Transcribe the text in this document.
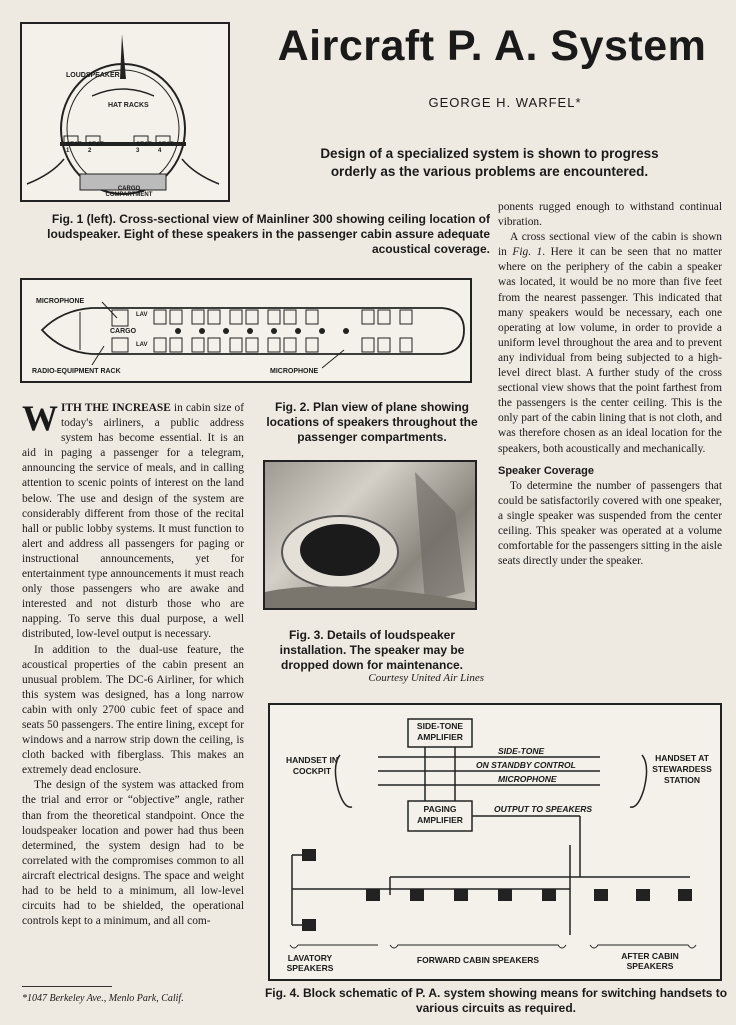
Aircraft P. A. System
GEORGE H. WARFEL*
Design of a specialized system is shown to progress orderly as the various problems are encountered.
LOUDSPEAKER
HAT RACKS
SEAT 1
SEAT 2
SEAT 3
SEAT 4
CARGO COMPARTMENT
Fig. 1 (left). Cross-sectional view of Mainliner 300 showing ceiling location of loudspeaker. Eight of these speakers in the passenger cabin assure adequate acoustical coverage.
MICROPHONE
RADIO-EQUIPMENT RACK	MICROPHONE
CARGO
LAV
LAV
Fig. 2. Plan view of plane showing locations of speakers throughout the passenger compartments.
Fig. 3. Details of loudspeaker installation. The speaker may be dropped down for maintenance.
Courtesy United Air Lines

WITH THE INCREASE in cabin size of today's airliners, a public address system has become essential. It is an aid in paging a passenger for a telegram, announcing the service of meals, and in calling attention to scenic points of interest on the land below. The use and design of the system are considerably different from those of the recital hall or public lobby systems. It must function to alert and address all passengers for paging or instructional announcements, yet for entertainment type announcements it must reach only those passengers who are awake and interested and not disturb those who are napping. To serve this dual purpose, a well distributed, low-level output is necessary.

In addition to the dual-use feature, the acoustical properties of the cabin present an unusual problem. The DC-6 Airliner, for which this system was designed, has a long narrow cabin with only 2700 cubic feet of space and seats 50 passengers. The entire lining, except for windows and a narrow strip down the ceiling, is cloth backed with fiberglass. This makes an extremely dead enclosure.

The design of the system was attacked from the trial and error or “objective” angle, rather than from the theoretical standpoint. Once the loudspeaker location and power had thus been determined, the system design had to be correlated with the compromises common to all aircraft electrical designs. The space and weight had to be held to a minimum, all low-level circuits had to be shielded, the operational controls kept to a minimum, and all com-

*1047 Berkeley Ave., Menlo Park, Calif.

ponents rugged enough to withstand continual vibration.

A cross sectional view of the cabin is shown in Fig. 1. Here it can be seen that no matter where on the periphery of the cabin a speaker was located, it would be no more than five feet from the nearest passenger. This indicated that many speakers would be necessary, each one operating at low volume, in order to provide a uniform level throughout the area and to prevent any individual from being subjected to a high-level direct blast. A further study of the cross sectional view shows that the point farthest from the passengers is the center ceiling. This is the only part of the cabin lining that is not cloth, and was therefore chosen as an ideal location for the speakers, both acoustically and mechanically.

Speaker Coverage

To determine the number of passengers that could be satisfactorily covered with one speaker, a single speaker was suspended from the center ceiling. This speaker was operated at a volume comfortable for the passengers sitting in the aisle seats directly under the speaker.

SIDE-TONE AMPLIFIER
HANDSET IN COCKPIT
HANDSET AT STEWARDESS STATION
SIDE-TONE
ON STANDBY CONTROL
MICROPHONE
PAGING AMPLIFIER
OUTPUT TO SPEAKERS
LAVATORY SPEAKERS
FORWARD CABIN SPEAKERS	AFTER CABIN SPEAKERS
Fig. 4. Block schematic of P. A. system showing means for switching handsets to various circuits as required.
